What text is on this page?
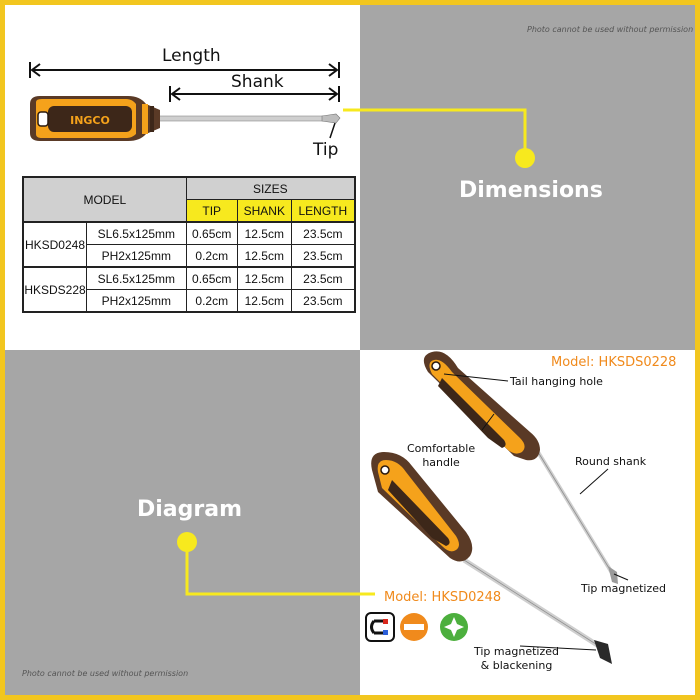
Photo cannot be used without permission
Photo cannot be used without permission
INGCO
Length
Shank
Tip
Dimensions
MODEL		SIZES		
		TIP	SHANK	LENGTH
HKSD0248	SL6.5x125mm	0.65cm	12.5cm	23.5cm
	PH2x125mm	0.2cm	12.5cm	23.5cm
HKSDS228	SL6.5x125mm	0.65cm	12.5cm	23.5cm
	PH2x125mm	0.2cm	12.5cm	23.5cm
Diagram
Model: HKSDS0228
Model: HKSD0248
Tail hanging hole
Comfortable
handle	Round shank
Tip magnetized
Tip magnetized
& blackening
